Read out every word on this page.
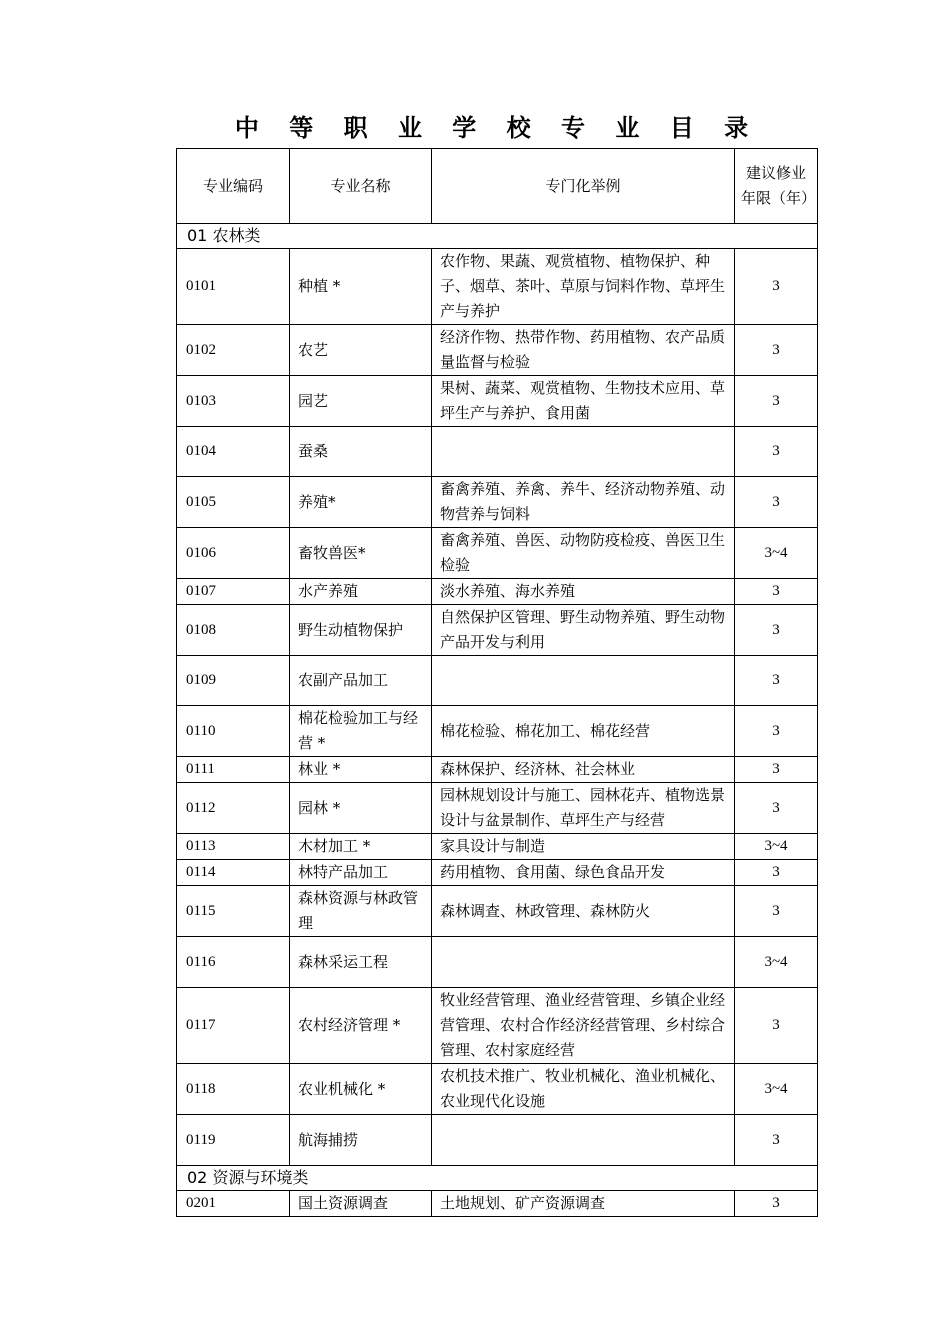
中 等 职 业 学 校 专 业 目 录
专业编码	专业名称	专门化举例	建议修业年限（年）
01 农林类			
0101	种植 *	农作物、果蔬、观赏植物、植物保护、种子、烟草、茶叶、草原与饲料作物、草坪生产与养护	3
0102	农艺	经济作物、热带作物、药用植物、农产品质量监督与检验	3
0103	园艺	果树、蔬菜、观赏植物、生物技术应用、草坪生产与养护、食用菌	3
0104	蚕桑		3
0105	养殖*	畜禽养殖、养禽、养牛、经济动物养殖、动物营养与饲料	3
0106	畜牧兽医*	畜禽养殖、兽医、动物防疫检疫、兽医卫生检验	3~4
0107	水产养殖	淡水养殖、海水养殖	3
0108	野生动植物保护	自然保护区管理、野生动物养殖、野生动物产品开发与利用	3
0109	农副产品加工		3
0110	棉花检验加工与经营 *	棉花检验、棉花加工、棉花经营	3
0111	林业 *	森林保护、经济林、社会林业	3
0112	园林 *	园林规划设计与施工、园林花卉、植物选景设计与盆景制作、草坪生产与经营	3
0113	木材加工 *	家具设计与制造	3~4
0114	林特产品加工	药用植物、食用菌、绿色食品开发	3
0115	森林资源与林政管理	森林调查、林政管理、森林防火	3
0116	森林采运工程		3~4
0117	农村经济管理 *	牧业经营管理、渔业经营管理、乡镇企业经营管理、农村合作经济经营管理、乡村综合管理、农村家庭经营	3
0118	农业机械化 *	农机技术推广、牧业机械化、渔业机械化、农业现代化设施	3~4
0119	航海捕捞		3
02 资源与环境类			
0201	国土资源调查	土地规划、矿产资源调查	3
